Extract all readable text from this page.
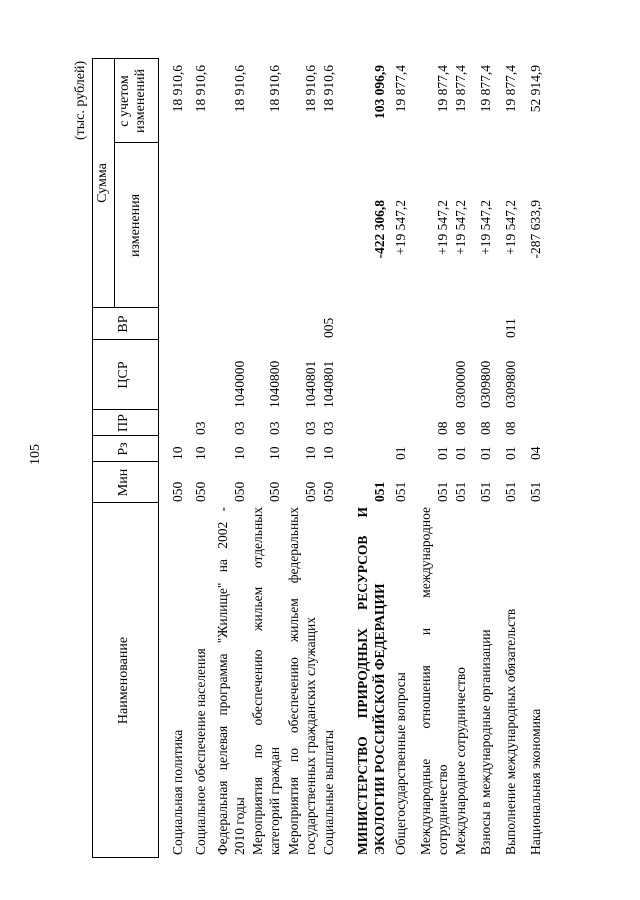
105
(тыс. рублей)
Наименование
Мин
Рз
ПР
ЦСР
ВР
Сумма
изменения
с учетом изменений
Социальная политика
050
10
18 910,6
Социальное обеспечение населения
050
10
03
18 910,6
Федеральная целевая программа "Жилище" на 2002 - 2010 годы
050
10
03
1040000
18 910,6
Мероприятия по обеспечению жильем отдельных категорий граждан
050
10
03
1040800
18 910,6
Мероприятия по обеспечению жильем федеральных государственных гражданских служащих
050
10
03
1040801
18 910,6
Социальные выплаты
050
10
03
1040801
005
18 910,6
МИНИСТЕРСТВО ПРИРОДНЫХ РЕСУРСОВ И ЭКОЛОГИИ РОССИЙСКОЙ ФЕДЕРАЦИИ
051
-422 306,8
103 096,9
Общегосударственные вопросы
051
01
+19 547,2
19 877,4
Международные отношения и международное сотрудничество
051
01
08
+19 547,2
19 877,4
Международное сотрудничество
051
01
08
0300000
+19 547,2
19 877,4
Взносы в международные организации
051
01
08
0309800
+19 547,2
19 877,4
Выполнение международных обязательств
051
01
08
0309800
011
+19 547,2
19 877,4
Национальная экономика
051
04
-287 633,9
52 914,9
